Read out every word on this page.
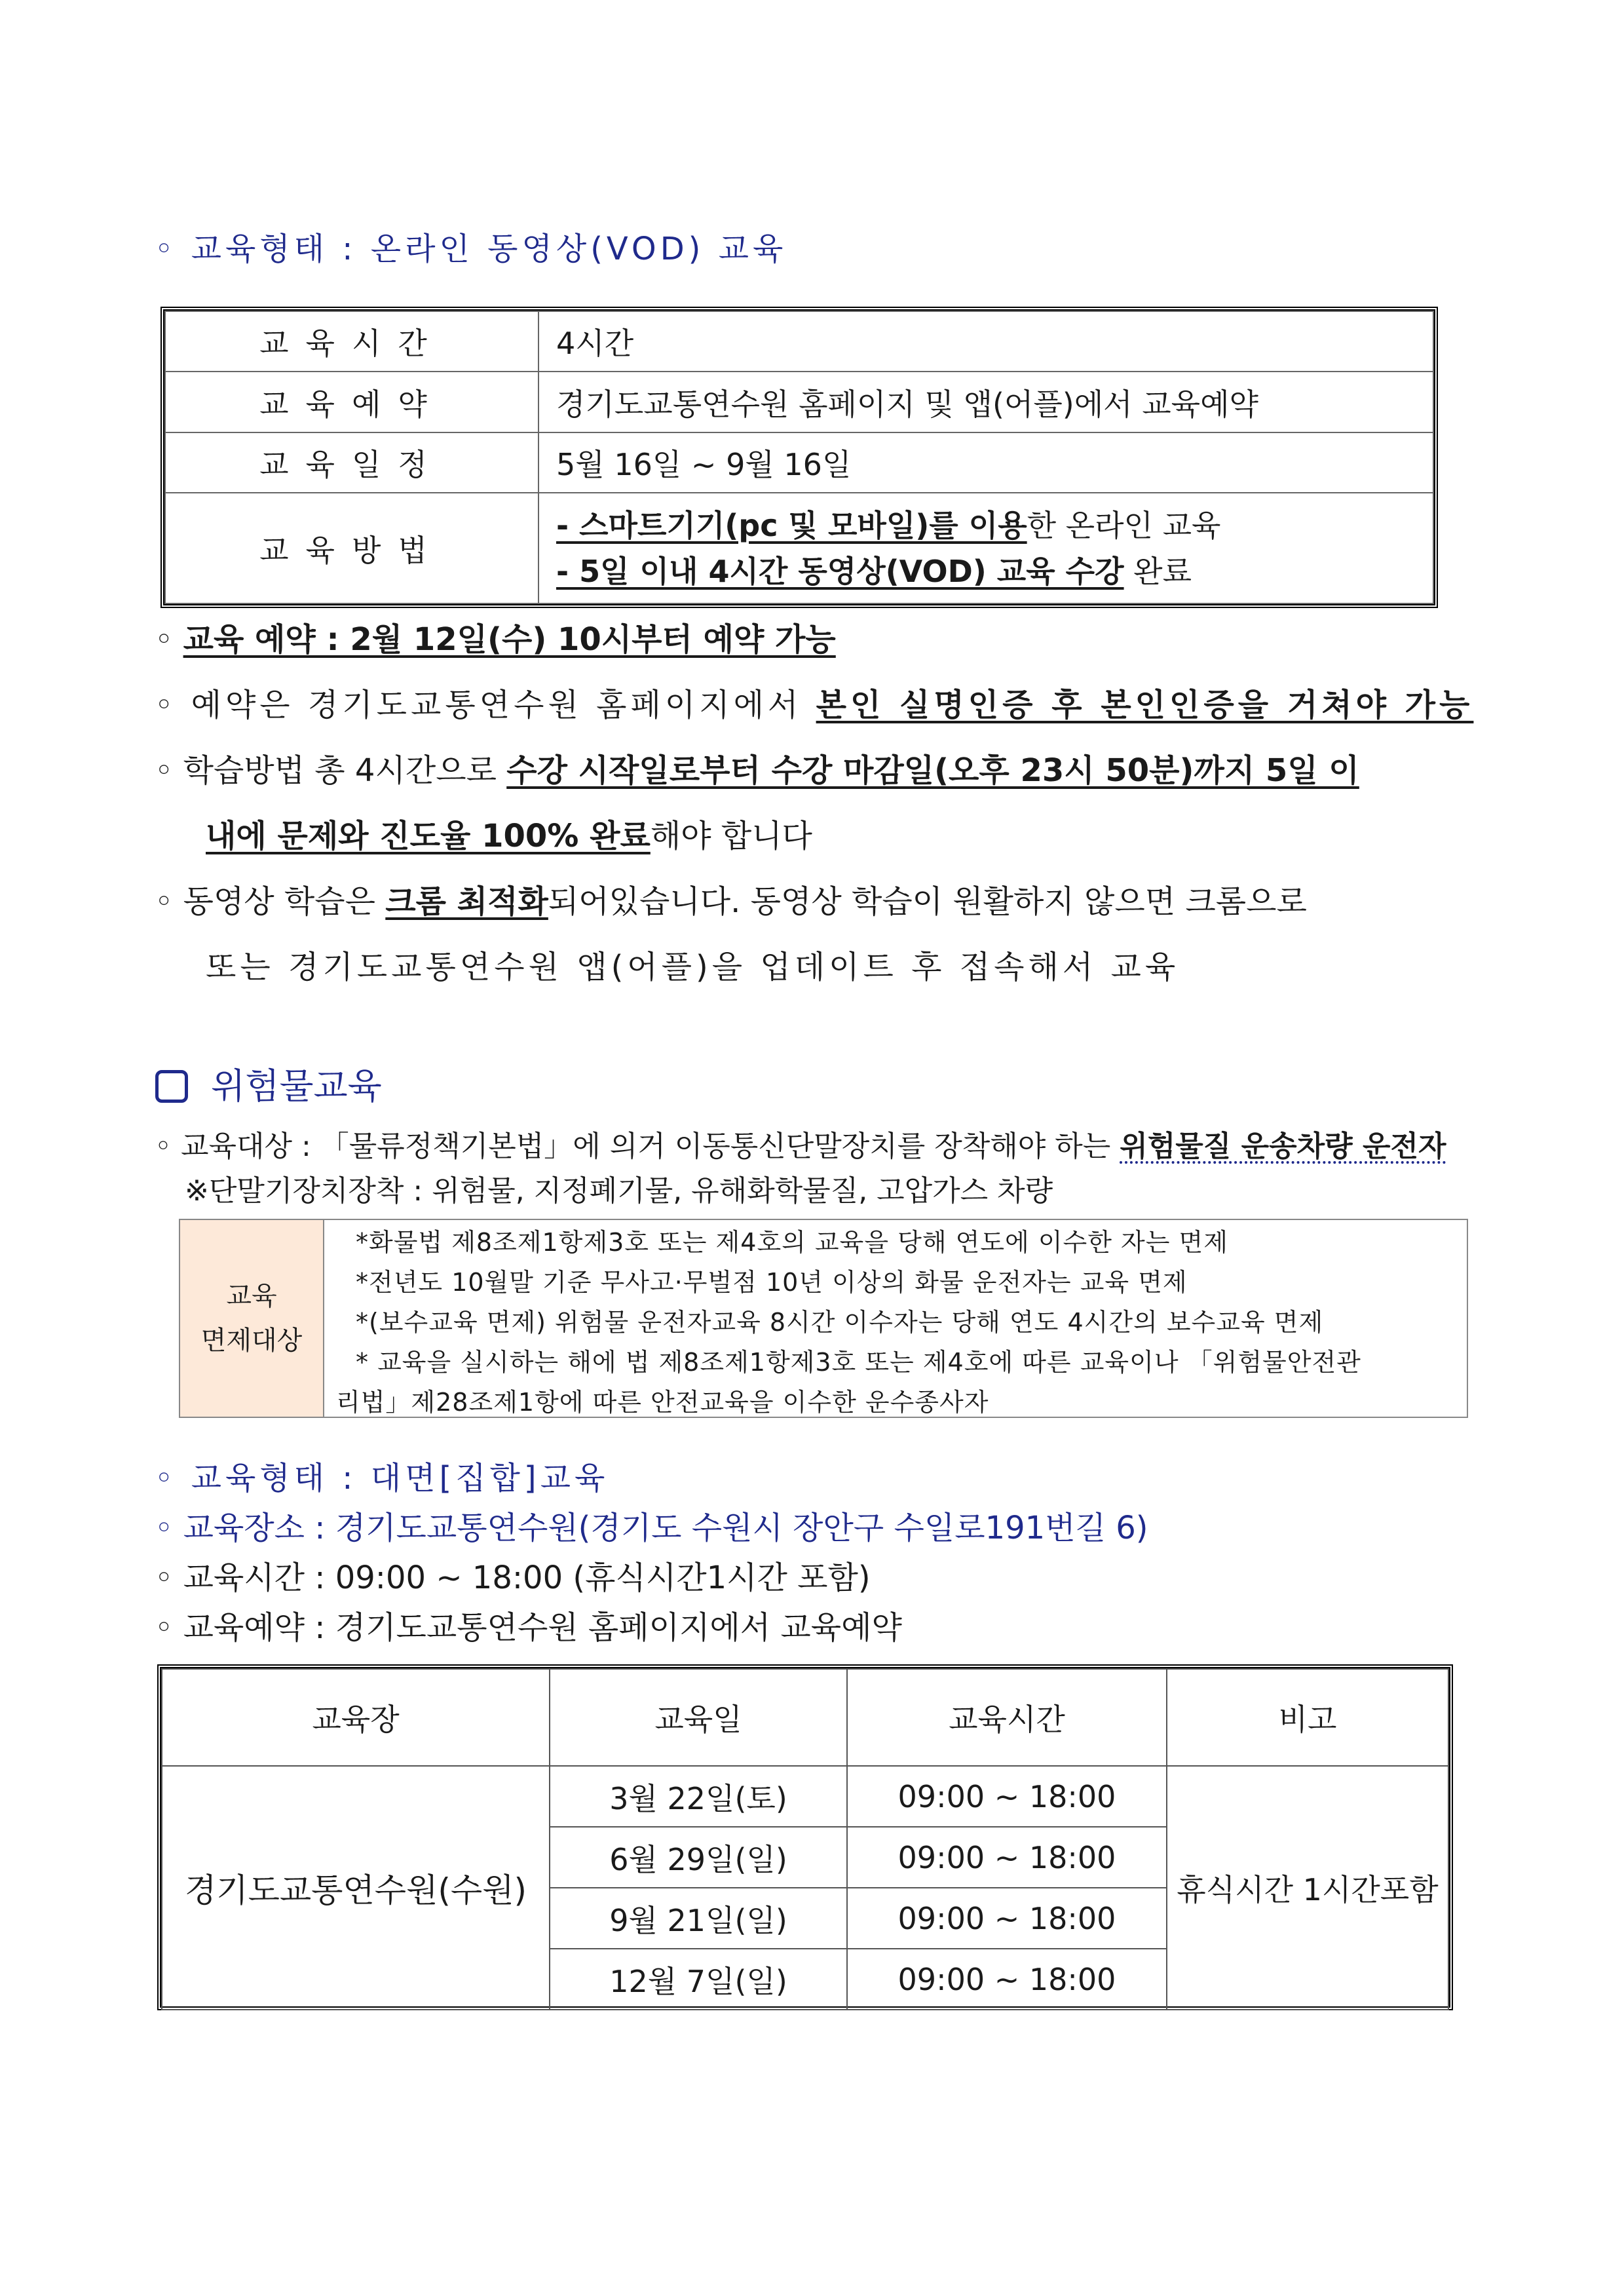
◦ 교육형태 : 온라인 동영상(VOD) 교육
교육시간	4시간
교육예약	경기도교통연수원 홈페이지 및 앱(어플)에서 교육예약
교육일정	5월 16일 ~ 9월 16일
교육방법	- 스마트기기(pc 및 모바일)를 이용한 온라인 교육
- 5일 이내 4시간 동영상(VOD) 교육 수강 완료
◦ 교육 예약 : 2월 12일(수) 10시부터 예약 가능
◦ 예약은 경기도교통연수원 홈페이지에서 본인 실명인증 후 본인인증을 거쳐야 가능
◦ 학습방법 총 4시간으로 수강 시작일로부터 수강 마감일(오후 23시 50분)까지 5일 이
내에 문제와 진도율 100% 완료해야 합니다
◦ 동영상 학습은 크롬 최적화되어있습니다. 동영상 학습이 원활하지 않으면 크롬으로
또는 경기도교통연수원 앱(어플)을 업데이트 후 접속해서 교육
위험물교육
◦ 교육대상 : 「물류정책기본법」에 의거 이동통신단말장치를 장착해야 하는 위험물질 운송차량 운전자
※단말기장치장착 : 위험물, 지정폐기물, 유해화학물질, 고압가스 차량
교육
면제대상
*화물법 제8조제1항제3호 또는 제4호의 교육을 당해 연도에 이수한 자는 면제
*전년도 10월말 기준 무사고·무벌점 10년 이상의 화물 운전자는 교육 면제
*(보수교육 면제) 위험물 운전자교육 8시간 이수자는 당해 연도 4시간의 보수교육 면제
* 교육을 실시하는 해에 법 제8조제1항제3호 또는 제4호에 따른 교육이나 「위험물안전관
리법」제28조제1항에 따른 안전교육을 이수한 운수종사자
◦ 교육형태 : 대면[집합]교육
◦ 교육장소 : 경기도교통연수원(경기도 수원시 장안구 수일로191번길 6)
◦ 교육시간 : 09:00 ~ 18:00 (휴식시간1시간 포함)
◦ 교육예약 : 경기도교통연수원 홈페이지에서 교육예약
교육장	교육일	교육시간	비고
경기도교통연수원(수원)	3월 22일(토)	09:00 ~ 18:00	휴식시간 1시간포함
	6월 29일(일)	09:00 ~ 18:00	
	9월 21일(일)	09:00 ~ 18:00	
	12월 7일(일)	09:00 ~ 18:00	
